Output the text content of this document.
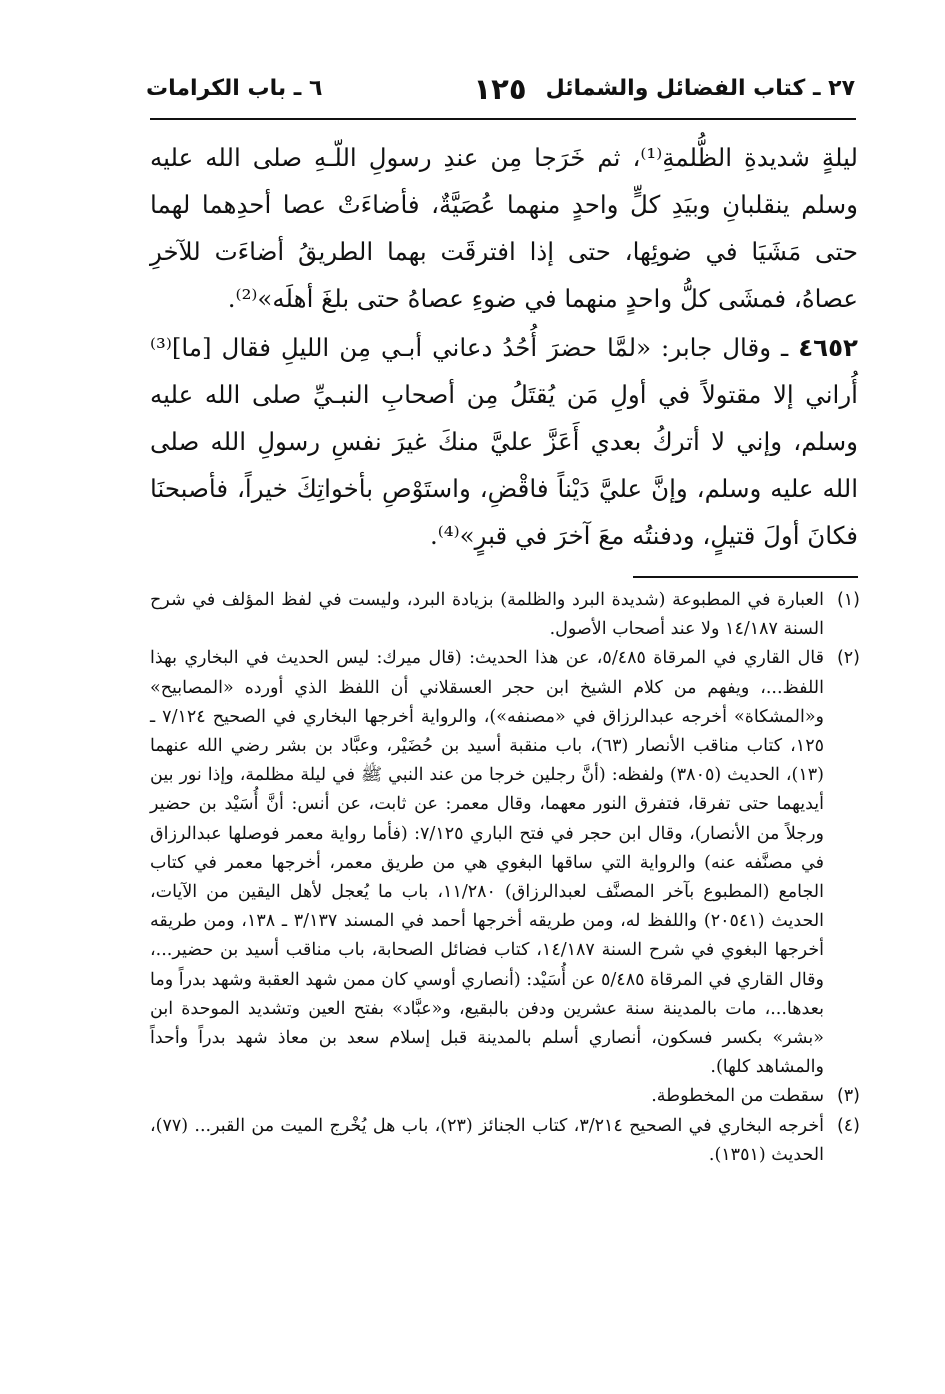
٢٧ ـ كتاب الفضائل والشمائل
١٢٥
٦ ـ باب الكرامات

ليلةٍ شديدةِ الظُّلمةِ⁽¹⁾، ثم خَرَجا مِن عندِ رسولِ اللّـهِ صلى الله عليه وسلم ينقلبانِ وبيَدِ كلٍّ واحدٍ منهما عُصَيَّةٌ، فأضاءَتْ عصا أحدِهما لهما حتى مَشَيَا في ضوئِها، حتى إذا افترقَت بهما الطريقُ أضاءَت للآخرِ عصاهُ، فمشَى كلُّ واحدٍ منهما في ضوءِ عصاهُ حتى بلغَ أهلَه»⁽²⁾.

٤٦٥٢ ـ وقال جابر: «لمَّا حضرَ أُحُدُ دعاني أبـي مِن الليلِ فقال [ما]⁽³⁾ أُراني إلا مقتولاً في أولِ مَن يُقتَلُ مِن أصحابِ النبـيِّ صلى الله عليه وسلم، وإني لا أتركُ بعدي أَعَزَّ عليَّ منكَ غيرَ نفسِ رسولِ الله صلى الله عليه وسلم، وإنَّ عليَّ دَيْناً فاقْضِ، واستَوْصِ بأخواتِكَ خيراً، فأصبحنَا فكانَ أولَ قتيلٍ، ودفنتُه معَ آخرَ في قبرٍ»⁽⁴⁾.

(١)
العبارة في المطبوعة (شديدة البرد والظلمة) بزيادة البرد، وليست في لفظ المؤلف في شرح السنة ١٤/١٨٧ ولا عند أصحاب الأصول.

(٢)
قال القاري في المرقاة ٥/٤٨٥، عن هذا الحديث: (قال ميرك: ليس الحديث في البخاري بهذا اللفظ...، ويفهم من كلام الشيخ ابن حجر العسقلاني أن اللفظ الذي أورده «المصابيح» و«المشكاة» أخرجه عبدالرزاق في «مصنفه»)، والرواية أخرجها البخاري في الصحيح ٧/١٢٤ ـ ١٢٥، كتاب مناقب الأنصار (٦٣)، باب منقبة أسيد بن حُضَيْر، وعبَّاد بن بشر رضي الله عنهما (١٣)، الحديث (٣٨٠٥) ولفظه: (أنَّ رجلين خرجا من عند النبي ﷺ في ليلة مظلمة، وإذا نور بين أيديهما حتى تفرقا، فتفرق النور معهما، وقال معمر: عن ثابت، عن أنس: أنَّ أُسَيْد بن حضير ورجلاً من الأنصار)، وقال ابن حجر في فتح الباري ٧/١٢٥: (فأما رواية معمر فوصلها عبدالرزاق في مصنَّفه عنه) والرواية التي ساقها البغوي هي من طريق معمر، أخرجها معمر في كتاب الجامع (المطبوع بآخر المصنَّف لعبدالرزاق) ١١/٢٨٠، باب ما يُعجل لأهل اليقين من الآيات، الحديث (٢٠٥٤١) واللفظ له، ومن طريقه أخرجها أحمد في المسند ٣/١٣٧ ـ ١٣٨، ومن طريقه أخرجها البغوي في شرح السنة ١٤/١٨٧، كتاب فضائل الصحابة، باب مناقب أسيد بن حضير...، وقال القاري في المرقاة ٥/٤٨٥ عن أُسَيْد: (أنصاري أوسي كان ممن شهد العقبة وشهد بدراً وما بعدها...، مات بالمدينة سنة عشرين ودفن بالبقيع، و«عبَّاد» بفتح العين وتشديد الموحدة ابن «بشر» بكسر فسكون، أنصاري أسلم بالمدينة قبل إسلام سعد بن معاذ شهد بدراً وأحداً والمشاهد كلها).

(٣)
سقطت من المخطوطة.

(٤)
أخرجه البخاري في الصحيح ٣/٢١٤، كتاب الجنائز (٢٣)، باب هل يُخْرج الميت من القبر... (٧٧)، الحديث (١٣٥١).
